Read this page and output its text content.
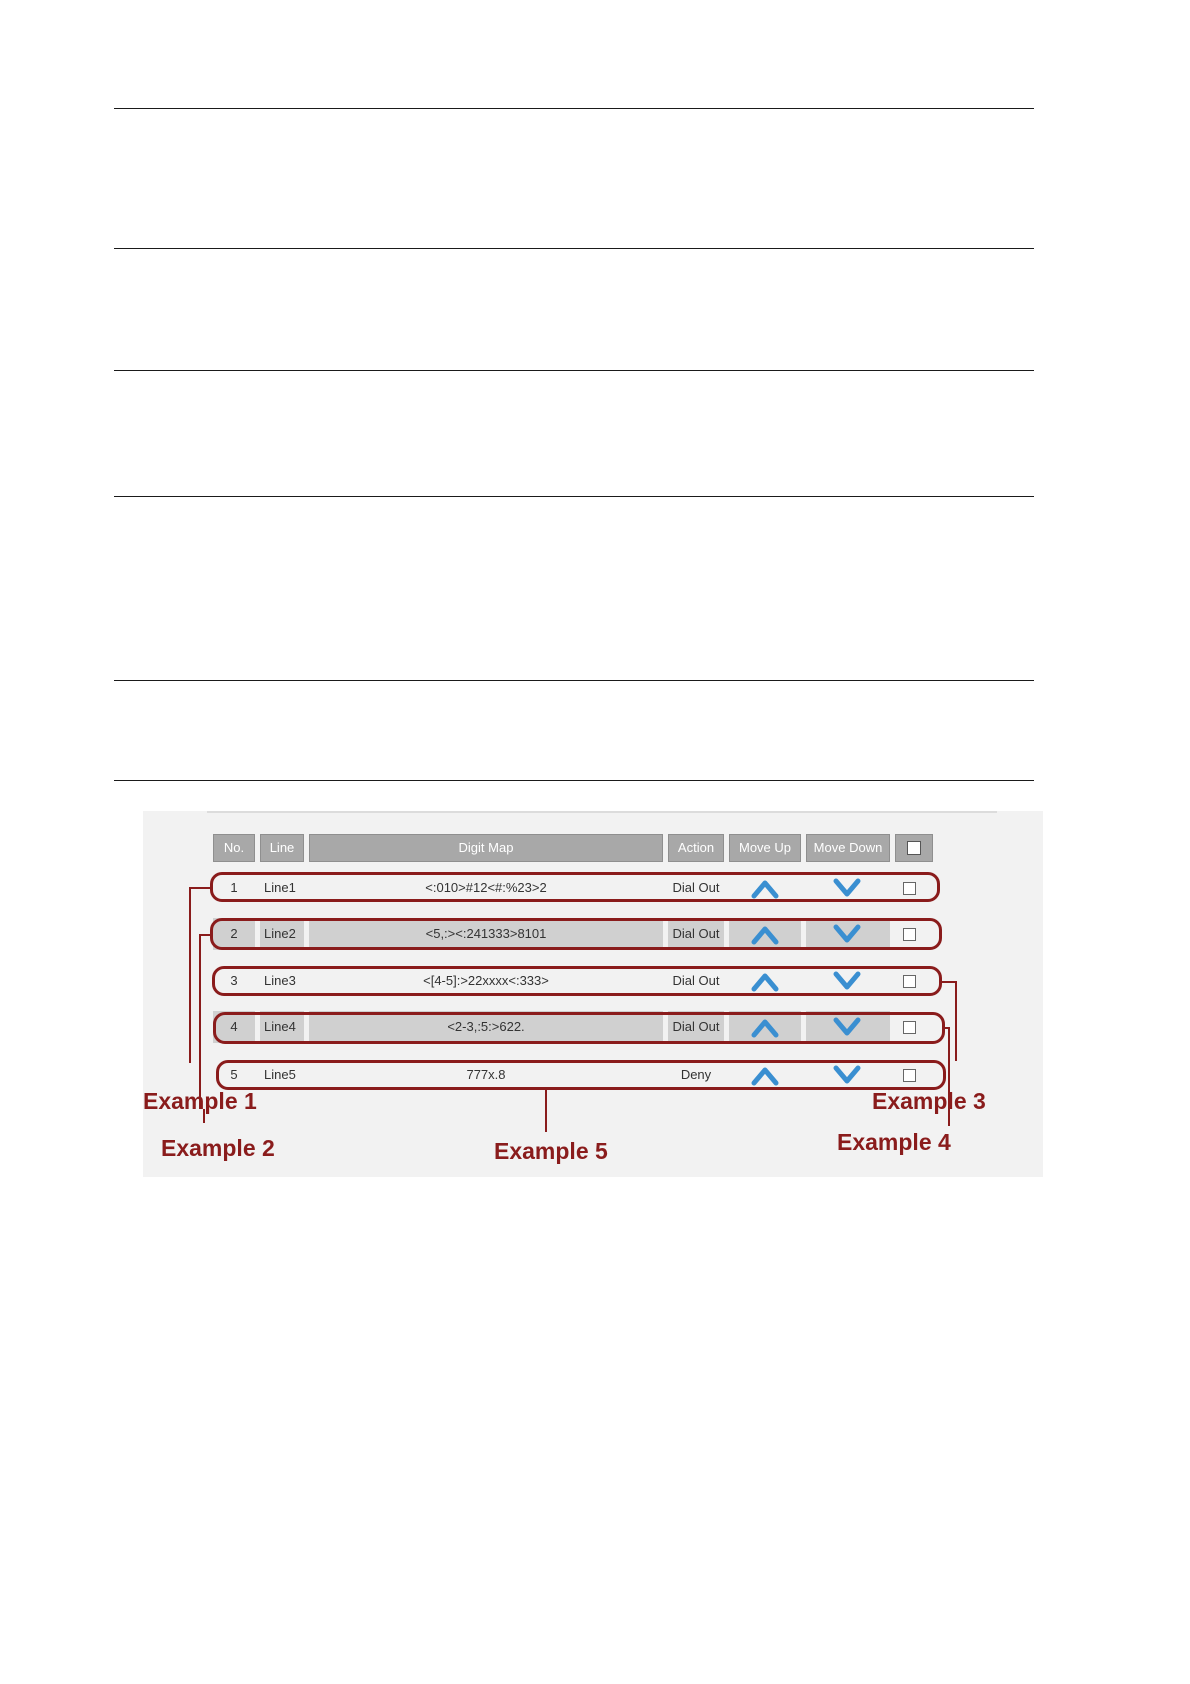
No.	Line	Digit Map	Action	Move Up	Move Down
1	Line1	<:010>#12<#:%23>2	Dial Out
2	Line2	<5,:><:241333>8101	Dial Out
3	Line3	<[4-5]:>22xxxx<:333>	Dial Out
4	Line4	<2-3,:5:>622.	Dial Out
5	Line5	777x.8	Deny
Example 1
Example 2
Example 3
Example 4
Example 5
